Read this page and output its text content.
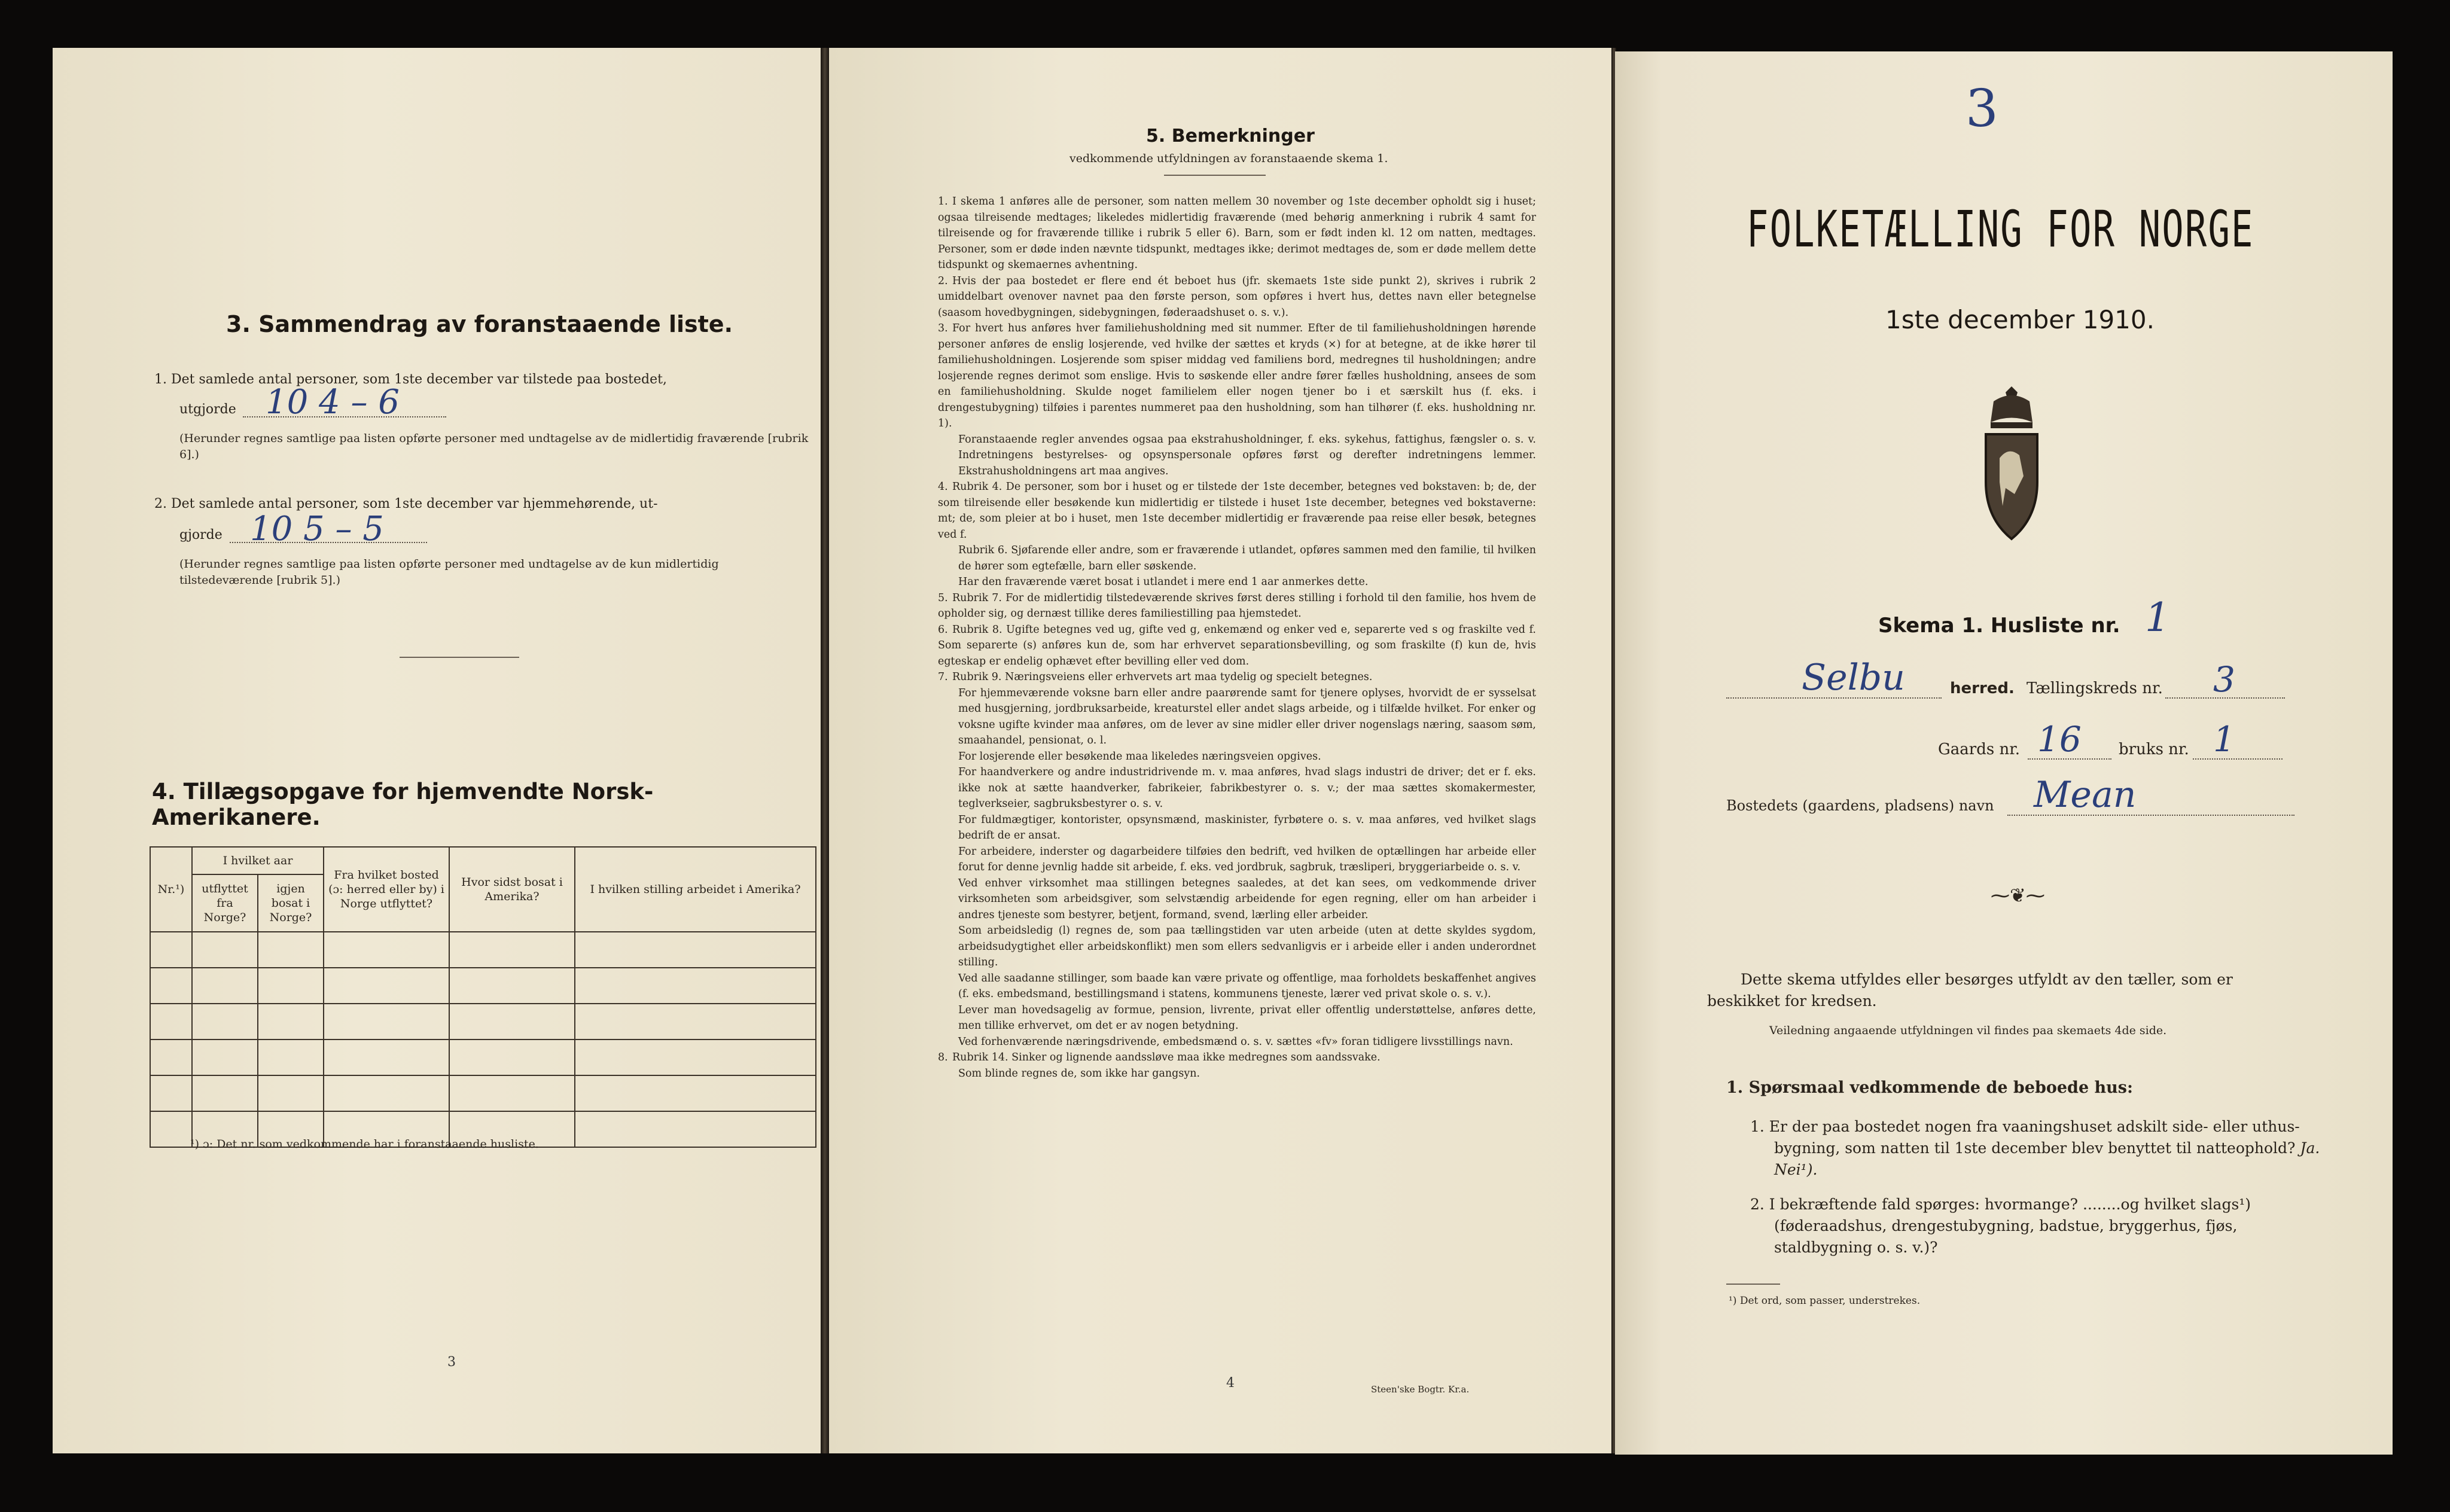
3. Sammendrag av foranstaaende liste.
1. Det samlede antal personer, som 1ste december var tilstede paa bostedet,
utgjorde 10 4 – 6
(Herunder regnes samtlige paa listen opførte personer med undtagelse av de midlertidig fraværende [rubrik 6].)
2. Det samlede antal personer, som 1ste december var hjemmehørende, ut-
gjorde 10 5 – 5
(Herunder regnes samtlige paa listen opførte personer med undtagelse av de kun midlertidig tilstedeværende [rubrik 5].)
4. Tillægsopgave for hjemvendte Norsk-Amerikanere.
Nr.¹)	I hvilket aar		Fra hvilket bosted (ɔ: herred eller by) i Norge utflyttet?	Hvor sidst bosat i Amerika?	I hvilken stilling arbeidet i Amerika?
	utflyttet fra Norge?	igjen bosat i Norge?			

¹) ɔ: Det nr. som vedkommende har i foranstaaende husliste.
3
5. Bemerkninger
vedkommende utfyldningen av foranstaaende skema 1.

1. I skema 1 anføres alle de personer, som natten mellem 30 november og 1ste december opholdt sig i huset; ogsaa tilreisende medtages; likeledes midlertidig fraværende (med behørig anmerkning i rubrik 4 samt for tilreisende og for fraværende tillike i rubrik 5 eller 6). Barn, som er født inden kl. 12 om natten, medtages. Personer, som er døde inden nævnte tidspunkt, medtages ikke; derimot medtages de, som er døde mellem dette tidspunkt og skemaernes avhentning.

2. Hvis der paa bostedet er flere end ét beboet hus (jfr. skemaets 1ste side punkt 2), skrives i rubrik 2 umiddelbart ovenover navnet paa den første person, som opføres i hvert hus, dettes navn eller betegnelse (saasom hovedbygningen, sidebygningen, føderaadshuset o. s. v.).

3. For hvert hus anføres hver familiehusholdning med sit nummer. Efter de til familiehusholdningen hørende personer anføres de enslig losjerende, ved hvilke der sættes et kryds (×) for at betegne, at de ikke hører til familiehusholdningen. Losjerende som spiser middag ved familiens bord, medregnes til husholdningen; andre losjerende regnes derimot som enslige. Hvis to søskende eller andre fører fælles husholdning, ansees de som en familiehusholdning. Skulde noget familielem eller nogen tjener bo i et særskilt hus (f. eks. i drengestubygning) tilføies i parentes nummeret paa den husholdning, som han tilhører (f. eks. husholdning nr. 1).

Foranstaaende regler anvendes ogsaa paa ekstrahusholdninger, f. eks. sykehus, fattighus, fængsler o. s. v. Indretningens bestyrelses- og opsynspersonale opføres først og derefter indretningens lemmer. Ekstrahusholdningens art maa angives.

4. Rubrik 4. De personer, som bor i huset og er tilstede der 1ste december, betegnes ved bokstaven: b; de, der som tilreisende eller besøkende kun midlertidig er tilstede i huset 1ste december, betegnes ved bokstaverne: mt; de, som pleier at bo i huset, men 1ste december midlertidig er fraværende paa reise eller besøk, betegnes ved f.

Rubrik 6. Sjøfarende eller andre, som er fraværende i utlandet, opføres sammen med den familie, til hvilken de hører som egtefælle, barn eller søskende.

Har den fraværende været bosat i utlandet i mere end 1 aar anmerkes dette.

5. Rubrik 7. For de midlertidig tilstedeværende skrives først deres stilling i forhold til den familie, hos hvem de opholder sig, og dernæst tillike deres familiestilling paa hjemstedet.

6. Rubrik 8. Ugifte betegnes ved ug, gifte ved g, enkemænd og enker ved e, separerte ved s og fraskilte ved f. Som separerte (s) anføres kun de, som har erhvervet separationsbevilling, og som fraskilte (f) kun de, hvis egteskap er endelig ophævet efter bevilling eller ved dom.

7. Rubrik 9. Næringsveiens eller erhvervets art maa tydelig og specielt betegnes.

For hjemmeværende voksne barn eller andre paarørende samt for tjenere oplyses, hvorvidt de er sysselsat med husgjerning, jordbruksarbeide, kreaturstel eller andet slags arbeide, og i tilfælde hvilket. For enker og voksne ugifte kvinder maa anføres, om de lever av sine midler eller driver nogenslags næring, saasom søm, smaahandel, pensionat, o. l.

For losjerende eller besøkende maa likeledes næringsveien opgives.

For haandverkere og andre industridrivende m. v. maa anføres, hvad slags industri de driver; det er f. eks. ikke nok at sætte haandverker, fabrikeier, fabrikbestyrer o. s. v.; der maa sættes skomakermester, teglverkseier, sagbruksbestyrer o. s. v.

For fuldmægtiger, kontorister, opsynsmænd, maskinister, fyrbøtere o. s. v. maa anføres, ved hvilket slags bedrift de er ansat.

For arbeidere, inderster og dagarbeidere tilføies den bedrift, ved hvilken de optællingen har arbeide eller forut for denne jevnlig hadde sit arbeide, f. eks. ved jordbruk, sagbruk, træsliperi, bryggeriarbeide o. s. v.

Ved enhver virksomhet maa stillingen betegnes saaledes, at det kan sees, om vedkommende driver virksomheten som arbeidsgiver, som selvstændig arbeidende for egen regning, eller om han arbeider i andres tjeneste som bestyrer, betjent, formand, svend, lærling eller arbeider.

Som arbeidsledig (l) regnes de, som paa tællingstiden var uten arbeide (uten at dette skyldes sygdom, arbeidsudygtighet eller arbeidskonflikt) men som ellers sedvanligvis er i arbeide eller i anden underordnet stilling.

Ved alle saadanne stillinger, som baade kan være private og offentlige, maa forholdets beskaffenhet angives (f. eks. embedsmand, bestillingsmand i statens, kommunens tjeneste, lærer ved privat skole o. s. v.).

Lever man hovedsagelig av formue, pension, livrente, privat eller offentlig understøttelse, anføres dette, men tillike erhvervet, om det er av nogen betydning.

Ved forhenværende næringsdrivende, embedsmænd o. s. v. sættes «fv» foran tidligere livsstillings navn.

8. Rubrik 14. Sinker og lignende aandssløve maa ikke medregnes som aandssvake.

Som blinde regnes de, som ikke har gangsyn.

4	Steen'ske Bogtr. Kr.a.
3
FOLKETÆLLING FOR NORGE
1ste december 1910.
Skema 1. Husliste nr. 1
Selbu	herred. Tællingskreds nr. 3
Gaards nr. 16 bruks nr. 1
Bostedets (gaardens, pladsens) navn Mean
⁓❦⁓
Dette skema utfyldes eller besørges utfyldt av den tæller, som er beskikket for kredsen.
Veiledning angaaende utfyldningen vil findes paa skemaets 4de side.
1. Spørsmaal vedkommende de beboede hus:
1. Er der paa bostedet nogen fra vaaningshuset adskilt side- eller uthus-bygning, som natten til 1ste december blev benyttet til natteophold? Ja. Nei¹).
2. I bekræftende fald spørges: hvormange? ........og hvilket slags¹) (føderaadshus, drengestubygning, badstue, bryggerhus, fjøs, staldbygning o. s. v.)?
¹) Det ord, som passer, understrekes.
